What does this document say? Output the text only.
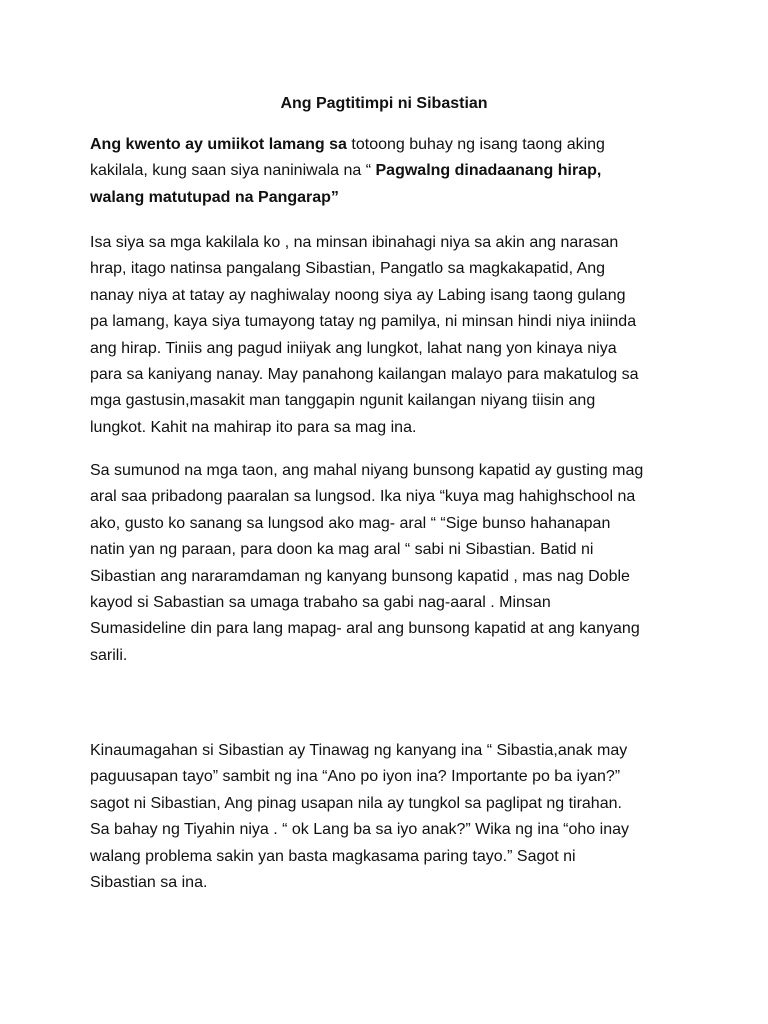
Ang Pagtitimpi ni Sibastian

Ang kwento ay umiikot lamang sa totoong buhay ng isang taong aking
kakilala, kung saan siya naniniwala na “ Pagwalng dinadaanang hirap,
walang matutupad na Pangarap”

Isa siya sa mga kakilala ko , na minsan ibinahagi niya sa akin ang narasan
hrap, itago natinsa pangalang Sibastian, Pangatlo sa magkakapatid, Ang
nanay niya at tatay ay naghiwalay noong siya ay Labing isang taong gulang
pa lamang, kaya siya tumayong tatay ng pamilya, ni minsan hindi niya iniinda
ang hirap. Tiniis ang pagud iniiyak ang lungkot, lahat nang yon kinaya niya
para sa kaniyang nanay. May panahong kailangan malayo para makatulog sa
mga gastusin,masakit man tanggapin ngunit kailangan niyang tiisin ang
lungkot. Kahit na mahirap ito para sa mag ina.

Sa sumunod na mga taon, ang mahal niyang bunsong kapatid ay gusting mag
aral saa pribadong paaralan sa lungsod. Ika niya “kuya mag hahighschool na
ako, gusto ko sanang sa lungsod ako mag- aral “ “Sige bunso hahanapan
natin yan ng paraan, para doon ka mag aral “ sabi ni Sibastian. Batid ni
Sibastian ang nararamdaman ng kanyang bunsong kapatid , mas nag Doble
kayod si Sabastian sa umaga trabaho sa gabi nag-aaral . Minsan
Sumasideline din para lang mapag- aral ang bunsong kapatid at ang kanyang
sarili.

Kinaumagahan si Sibastian ay Tinawag ng kanyang ina “ Sibastia,anak may
paguusapan tayo” sambit ng ina “Ano po iyon ina? Importante po ba iyan?”
sagot ni Sibastian, Ang pinag usapan nila ay tungkol sa paglipat ng tirahan.
Sa bahay ng Tiyahin niya . “ ok Lang ba sa iyo anak?” Wika ng ina “oho inay
walang problema sakin yan basta magkasama paring tayo.” Sagot ni
Sibastian sa ina.
